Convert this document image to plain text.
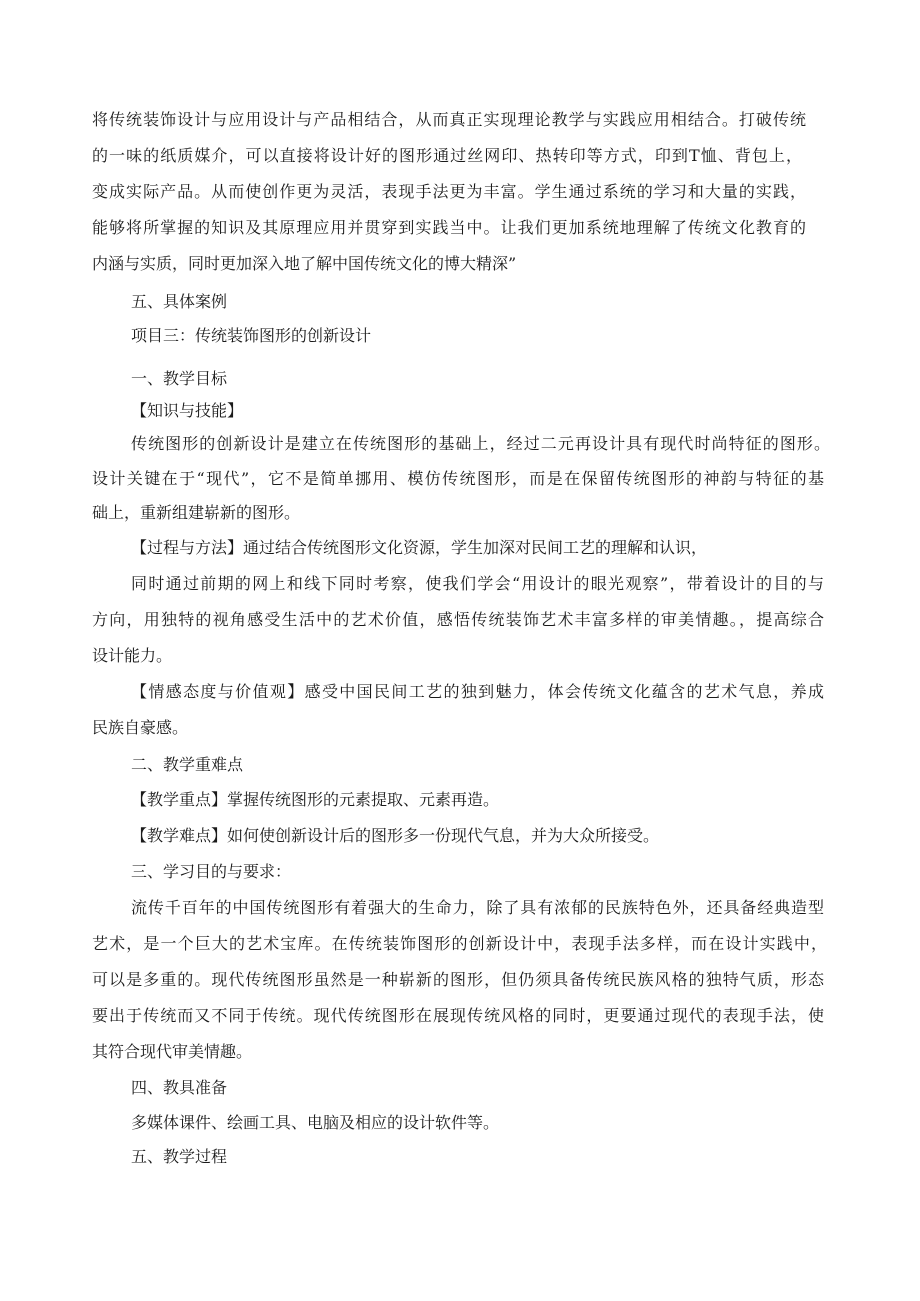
将传统装饰设计与应用设计与产品相结合，从而真正实现理论教学与实践应用相结合。打破传统
的一味的纸质媒介，可以直接将设计好的图形通过丝网印、热转印等方式，印到T恤、背包上，
变成实际产品。从而使创作更为灵活，表现手法更为丰富。学生通过系统的学习和大量的实践，
能够将所掌握的知识及其原理应用并贯穿到实践当中。让我们更加系统地理解了传统文化教育的
内涵与实质，同时更加深入地了解中国传统文化的博大精深”
五、具体案例
项目三：传统装饰图形的创新设计
一、教学目标
【知识与技能】
传统图形的创新设计是建立在传统图形的基础上，经过二元再设计具有现代时尚特征的图形。
设计关键在于“现代”，它不是简单挪用、模仿传统图形，而是在保留传统图形的神韵与特征的基
础上，重新组建崭新的图形。
【过程与方法】通过结合传统图形文化资源，学生加深对民间工艺的理解和认识，
同时通过前期的网上和线下同时考察，使我们学会“用设计的眼光观察”，带着设计的目的与
方向，用独特的视角感受生活中的艺术价值，感悟传统装饰艺术丰富多样的审美情趣。，提高综合
设计能力。
【情感态度与价值观】感受中国民间工艺的独到魅力，体会传统文化蕴含的艺术气息，养成
民族自豪感。
二、教学重难点
【教学重点】掌握传统图形的元素提取、元素再造。
【教学难点】如何使创新设计后的图形多一份现代气息，并为大众所接受。
三、学习目的与要求：
流传千百年的中国传统图形有着强大的生命力，除了具有浓郁的民族特色外，还具备经典造型
艺术，是一个巨大的艺术宝库。在传统装饰图形的创新设计中，表现手法多样，而在设计实践中，
可以是多重的。现代传统图形虽然是一种崭新的图形，但仍须具备传统民族风格的独特气质，形态
要出于传统而又不同于传统。现代传统图形在展现传统风格的同时，更要通过现代的表现手法，使
其符合现代审美情趣。
四、教具准备
多媒体课件、绘画工具、电脑及相应的设计软件等。
五、教学过程
